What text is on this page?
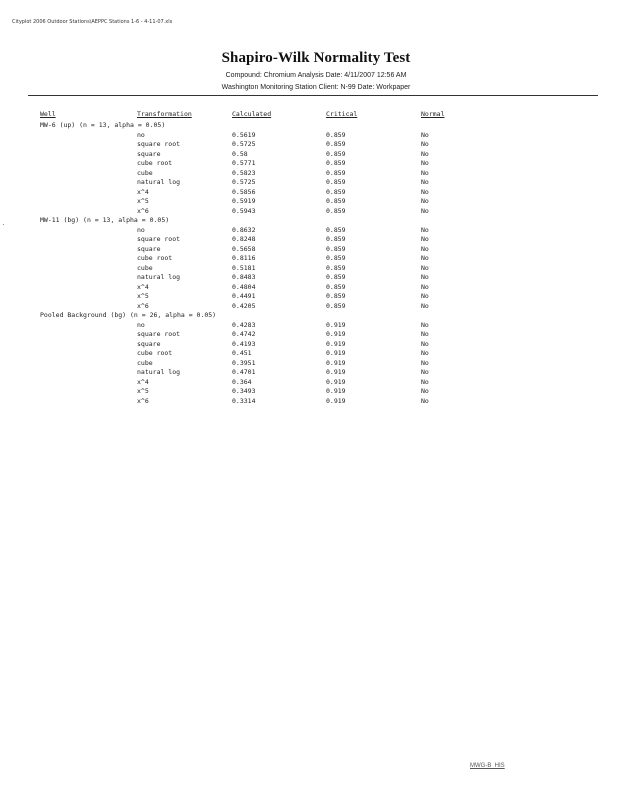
Cityplot 2006 Outdoor Stations\AEPPC Stations 1-6 - 4-11-07.xls
Shapiro-Wilk Normality Test
Compound: Chromium Analysis Date: 4/11/2007 12:56 AM
Washington Monitoring Station Client: N-99 Date: Workpaper
Well	Transformation	Calculated	Critical	Normal
MW-6 (up) (n = 13, alpha = 0.05)
no	0.5619	0.859	No
square root	0.5725	0.859	No
square	0.58	0.859	No
cube root	0.5771	0.859	No
cube	0.5823	0.859	No
natural log	0.5725	0.859	No
x^4	0.5856	0.859	No
x^5	0.5919	0.859	No
x^6	0.5943	0.859	No
MW-11 (bg) (n = 13, alpha = 0.05)
no	0.8632	0.859	No
square root	0.8248	0.859	No
square	0.5658	0.859	No
cube root	0.8116	0.859	No
cube	0.5181	0.859	No
natural log	0.8483	0.859	No
x^4	0.4804	0.859	No
x^5	0.4491	0.859	No
x^6	0.4205	0.859	No
Pooled Background (bg) (n = 26, alpha = 0.05)
no	0.4283	0.919	No
square root	0.4742	0.919	No
square	0.4193	0.919	No
cube root	0.451	0.919	No
cube	0.3951	0.919	No
natural log	0.4701	0.919	No
x^4	0.364	0.919	No
x^5	0.3493	0.919	No
x^6	0.3314	0.919	No
MWG-B_HIS
